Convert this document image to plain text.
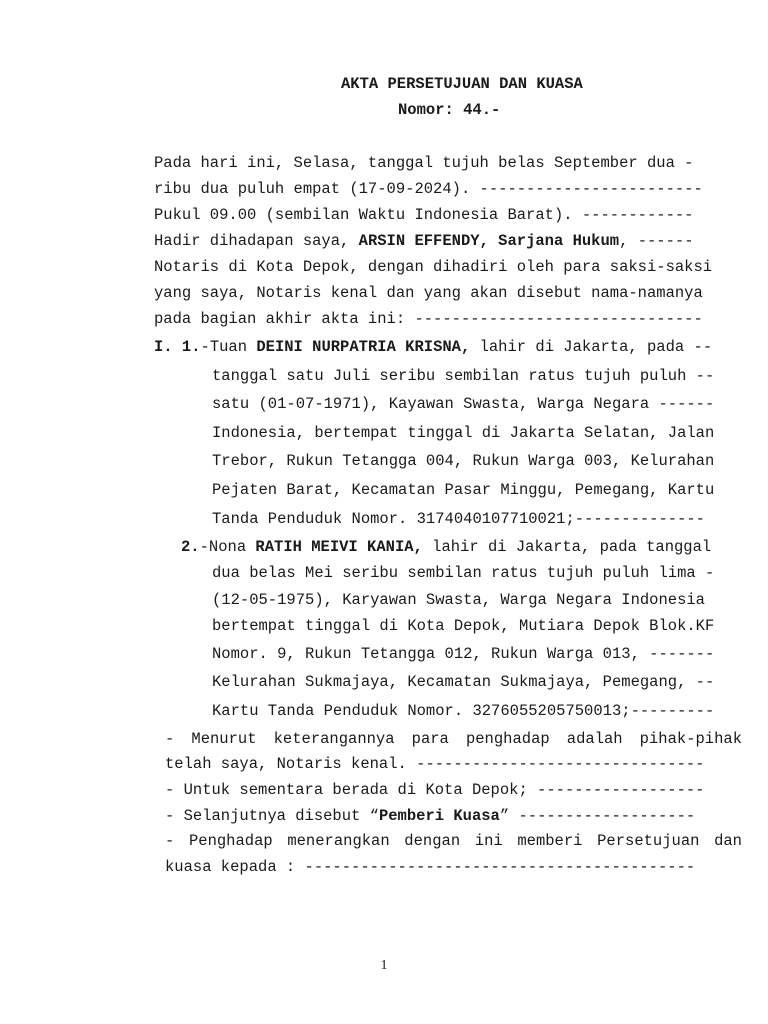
AKTA PERSETUJUAN DAN KUASA
Nomor: 44.-
Pada hari ini, Selasa, tanggal tujuh belas September dua -
ribu dua puluh empat (17-09-2024). ------------------------
Pukul 09.00 (sembilan Waktu Indonesia Barat). ------------
Hadir dihadapan saya, ARSIN EFFENDY, Sarjana Hukum, ------
Notaris di Kota Depok, dengan dihadiri oleh para saksi-saksi
yang saya, Notaris kenal dan yang akan disebut nama-namanya
pada bagian akhir akta ini: -------------------------------
I. 1.-Tuan DEINI NURPATRIA KRISNA, lahir di Jakarta, pada --
tanggal satu Juli seribu sembilan ratus tujuh puluh --
satu (01-07-1971), Kayawan Swasta, Warga Negara ------
Indonesia, bertempat tinggal di Jakarta Selatan, Jalan
Trebor, Rukun Tetangga 004, Rukun Warga 003, Kelurahan
Pejaten Barat, Kecamatan Pasar Minggu, Pemegang, Kartu
Tanda Penduduk Nomor. 3174040107710021;--------------
2.-Nona RATIH MEIVI KANIA, lahir di Jakarta, pada tanggal
dua belas Mei seribu sembilan ratus tujuh puluh lima -
(12-05-1975), Karyawan Swasta, Warga Negara Indonesia
bertempat tinggal di Kota Depok, Mutiara Depok Blok.KF
Nomor. 9, Rukun Tetangga 012, Rukun Warga 013, -------
Kelurahan Sukmajaya, Kecamatan Sukmajaya, Pemegang, --
Kartu Tanda Penduduk Nomor. 3276055205750013;---------
- Menurut keterangannya para penghadap adalah pihak-pihak
telah saya, Notaris kenal. -------------------------------
- Untuk sementara berada di Kota Depok; ------------------
- Selanjutnya disebut “Pemberi Kuasa” -------------------
- Penghadap menerangkan dengan ini memberi Persetujuan dan
kuasa kepada : ------------------------------------------
1
